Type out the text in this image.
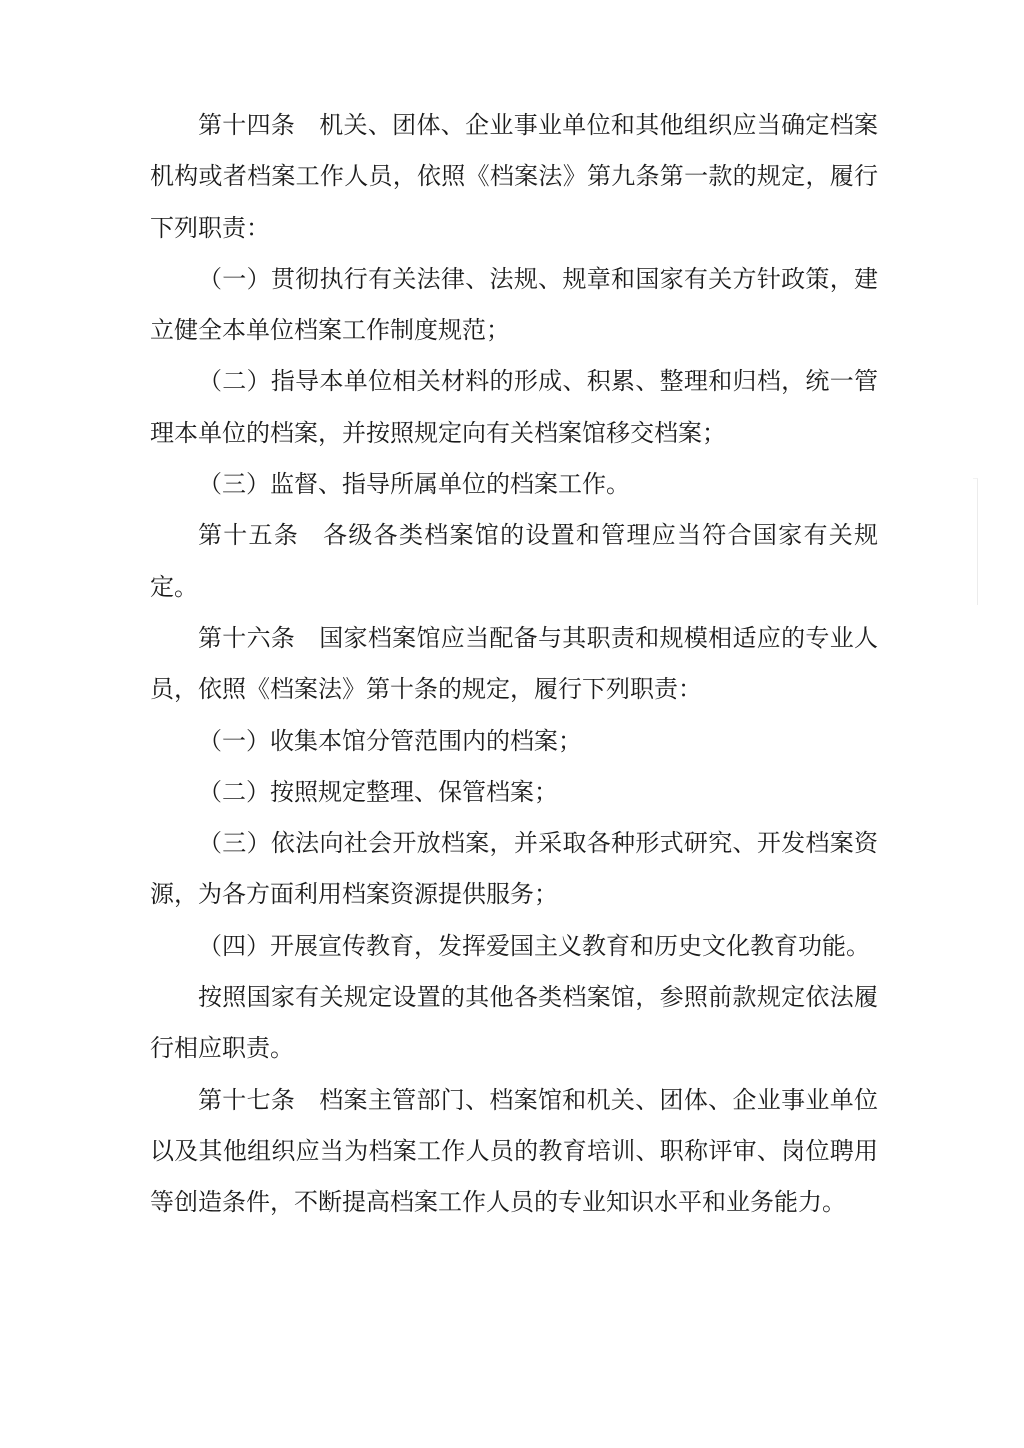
第十四条 机关、团体、企业事业单位和其他组织应当确定档案机构或者档案工作人员，依照《档案法》第九条第一款的规定，履行下列职责：

（一）贯彻执行有关法律、法规、规章和国家有关方针政策，建立健全本单位档案工作制度规范；

（二）指导本单位相关材料的形成、积累、整理和归档，统一管理本单位的档案，并按照规定向有关档案馆移交档案；

（三）监督、指导所属单位的档案工作。

第十五条 各级各类档案馆的设置和管理应当符合国家有关规定。

第十六条 国家档案馆应当配备与其职责和规模相适应的专业人员，依照《档案法》第十条的规定，履行下列职责：

（一）收集本馆分管范围内的档案；

（二）按照规定整理、保管档案；

（三）依法向社会开放档案，并采取各种形式研究、开发档案资源，为各方面利用档案资源提供服务；

（四）开展宣传教育，发挥爱国主义教育和历史文化教育功能。

按照国家有关规定设置的其他各类档案馆，参照前款规定依法履行相应职责。

第十七条 档案主管部门、档案馆和机关、团体、企业事业单位以及其他组织应当为档案工作人员的教育培训、职称评审、岗位聘用等创造条件，不断提高档案工作人员的专业知识水平和业务能力。
